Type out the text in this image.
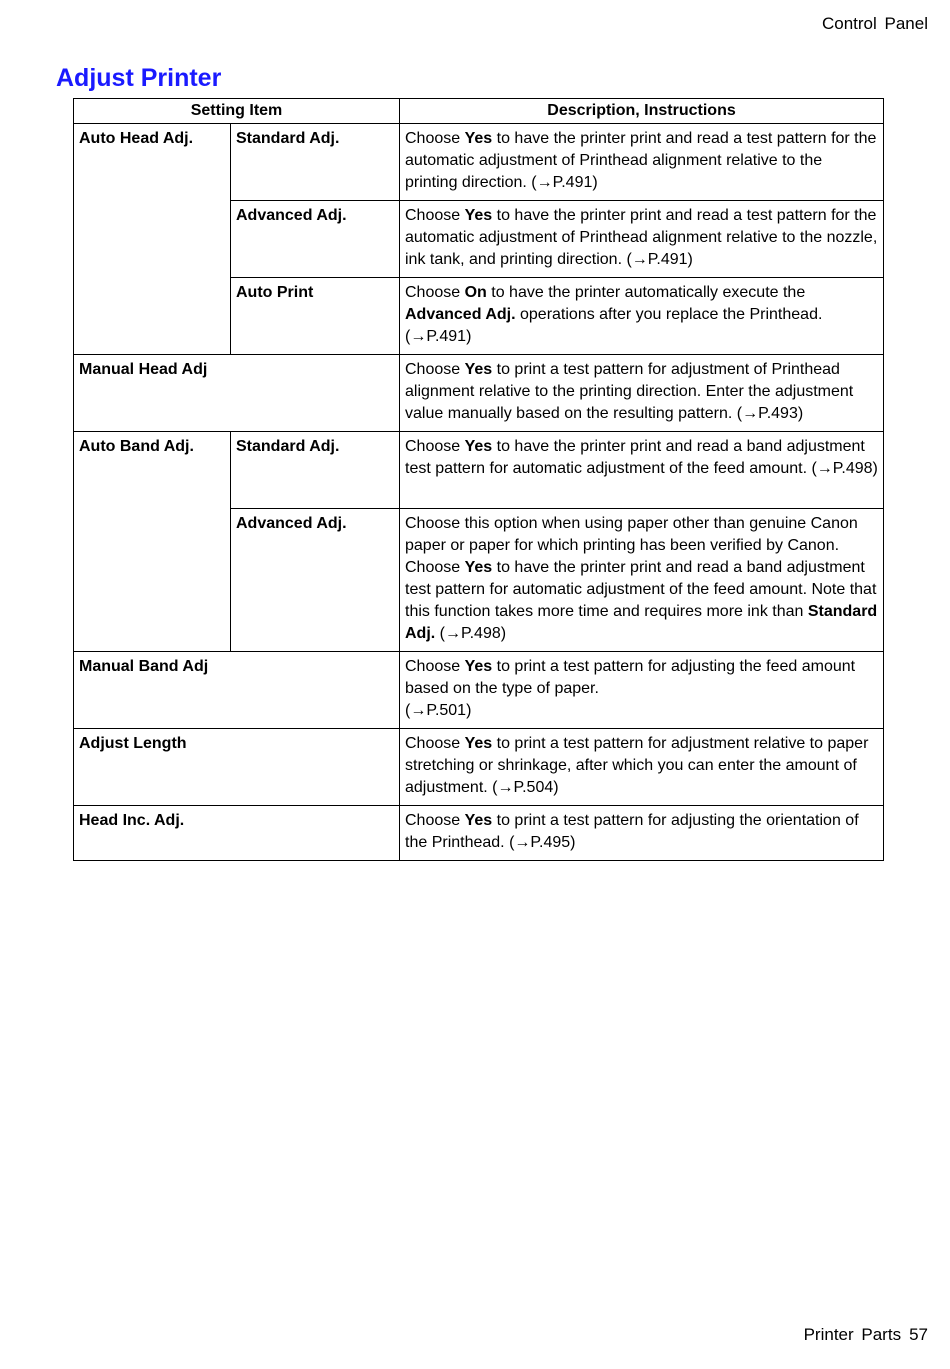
Control Panel
Adjust Printer
Setting Item		Description, Instructions
Auto Head Adj.	Standard Adj.	Choose Yes to have the printer print and read a test pattern for the automatic adjustment of Printhead alignment relative to the printing direction. (→P.491)
	Advanced Adj.	Choose Yes to have the printer print and read a test pattern for the automatic adjustment of Printhead alignment relative to the nozzle, ink tank, and printing direction. (→P.491)
	Auto Print	Choose On to have the printer automatically execute the Advanced Adj. operations after you replace the Printhead. (→P.491)
Manual Head Adj		Choose Yes to print a test pattern for adjustment of Printhead alignment relative to the printing direction. Enter the adjustment value manually based on the resulting pattern. (→P.493)
Auto Band Adj.	Standard Adj.	Choose Yes to have the printer print and read a band adjustment test pattern for automatic adjustment of the feed amount. (→P.498)
	Advanced Adj.	Choose this option when using paper other than genuine Canon paper or paper for which printing has been verified by Canon. Choose Yes to have the printer print and read a band adjustment test pattern for automatic adjustment of the feed amount. Note that this function takes more time and requires more ink than Standard Adj. (→P.498)
Manual Band Adj		Choose Yes to print a test pattern for adjusting the feed amount based on the type of paper.
(→P.501)
Adjust Length		Choose Yes to print a test pattern for adjustment relative to paper stretching or shrinkage, after which you can enter the amount of adjustment. (→P.504)
Head Inc. Adj.		Choose Yes to print a test pattern for adjusting the orientation of the Printhead. (→P.495)
Printer Parts 57
